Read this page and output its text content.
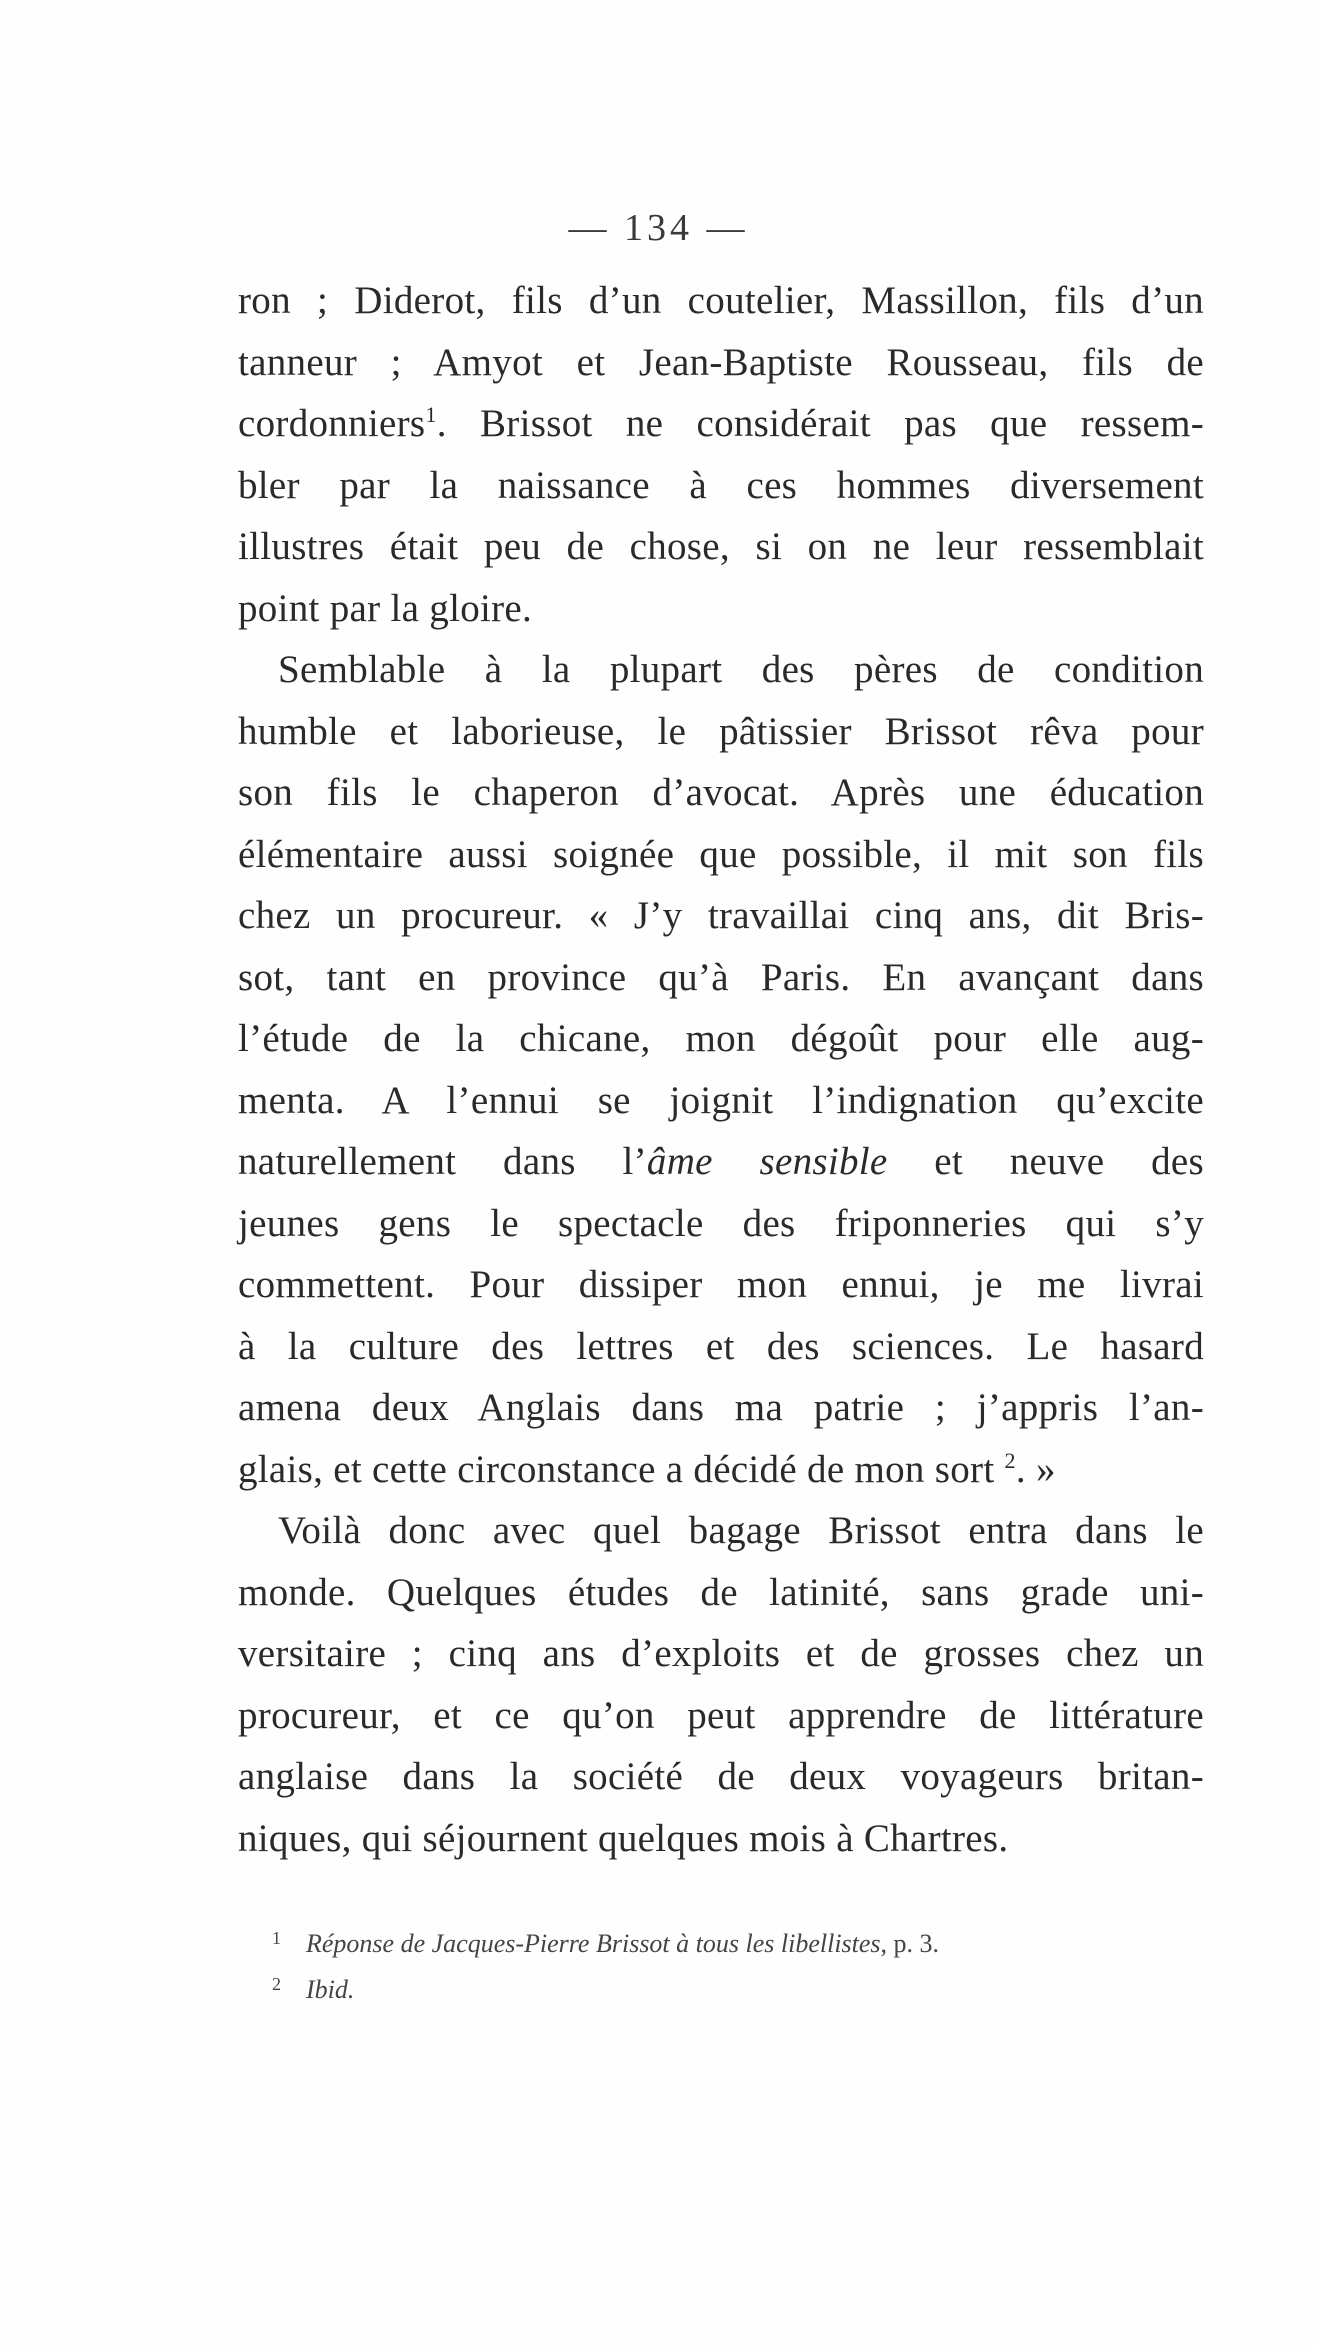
— 134 —
ron ; Diderot, fils d’un coutelier, Massillon, fils d’un
tanneur ; Amyot et Jean-Baptiste Rousseau, fils de
cordonniers$^1$. Brissot ne considérait pas que ressem-
bler par la naissance à ces hommes diversement
illustres était peu de chose, si on ne leur ressemblait
point par la gloire.
Semblable à la plupart des pères de condition
humble et laborieuse, le pâtissier Brissot rêva pour
son fils le chaperon d’avocat. Après une éducation
élémentaire aussi soignée que possible, il mit son fils
chez un procureur. « J’y travaillai cinq ans, dit Bris-
sot, tant en province qu’à Paris. En avançant dans
l’étude de la chicane, mon dégoût pour elle aug-
menta. A l’ennui se joignit l’indignation qu’excite
naturellement dans l’âme sensible et neuve des
jeunes gens le spectacle des friponneries qui s’y
commettent. Pour dissiper mon ennui, je me livrai
à la culture des lettres et des sciences. Le hasard
amena deux Anglais dans ma patrie ; j’appris l’an-
glais, et cette circonstance a décidé de mon sort $^2$. »
Voilà donc avec quel bagage Brissot entra dans le
monde. Quelques études de latinité, sans grade uni-
versitaire ; cinq ans d’exploits et de grosses chez un
procureur, et ce qu’on peut apprendre de littérature
anglaise dans la société de deux voyageurs britan-
niques, qui séjournent quelques mois à Chartres.
1 Réponse de Jacques-Pierre Brissot à tous les libellistes, p. 3.
2 Ibid.
